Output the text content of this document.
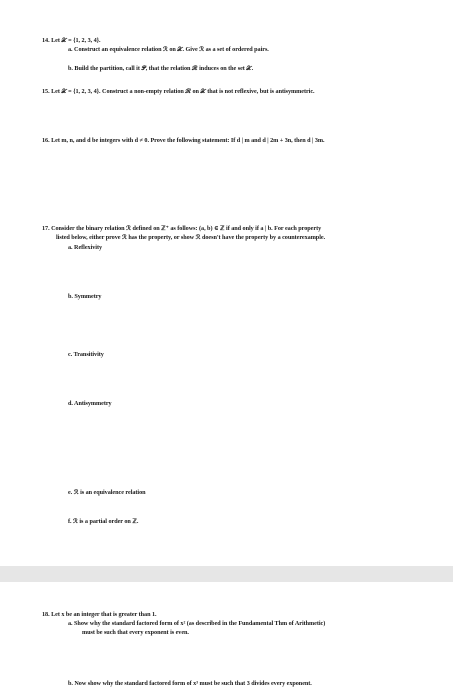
14. Let 𝒳 = {1, 2, 3, 4}.
a. Construct an equivalence relation ℛ on 𝒳. Give ℛ as a set of ordered pairs.
b. Build the partition, call it 𝒫, that the relation ℛ induces on the set 𝒳.
15. Let 𝒳 = {1, 2, 3, 4}. Construct a non-empty relation ℛ on 𝒳 that is not reflexive, but is antisymmetric.
16. Let m, n, and d be integers with d ≠ 0. Prove the following statement: If d | m and d | 2m + 3n, then d | 3m.
17. Consider the binary relation ℛ defined on ℤ⁺ as follows: (a, b) ∈ ℤ if and only if a | b. For each property
listed below, either prove ℛ has the property, or show ℛ doesn't have the property by a counterexample.
a. Reflexivity
b. Symmetry
c. Transitivity
d. Antisymmetry
e. ℛ is an equivalence relation
f. ℛ is a partial order on ℤ.
18. Let x be an integer that is greater than 1.
a. Show why the standard factored form of x² (as described in the Fundamental Thm of Arithmetic)
must be such that every exponent is even.
b. Now show why the standard factored form of x³ must be such that 3 divides every exponent.
